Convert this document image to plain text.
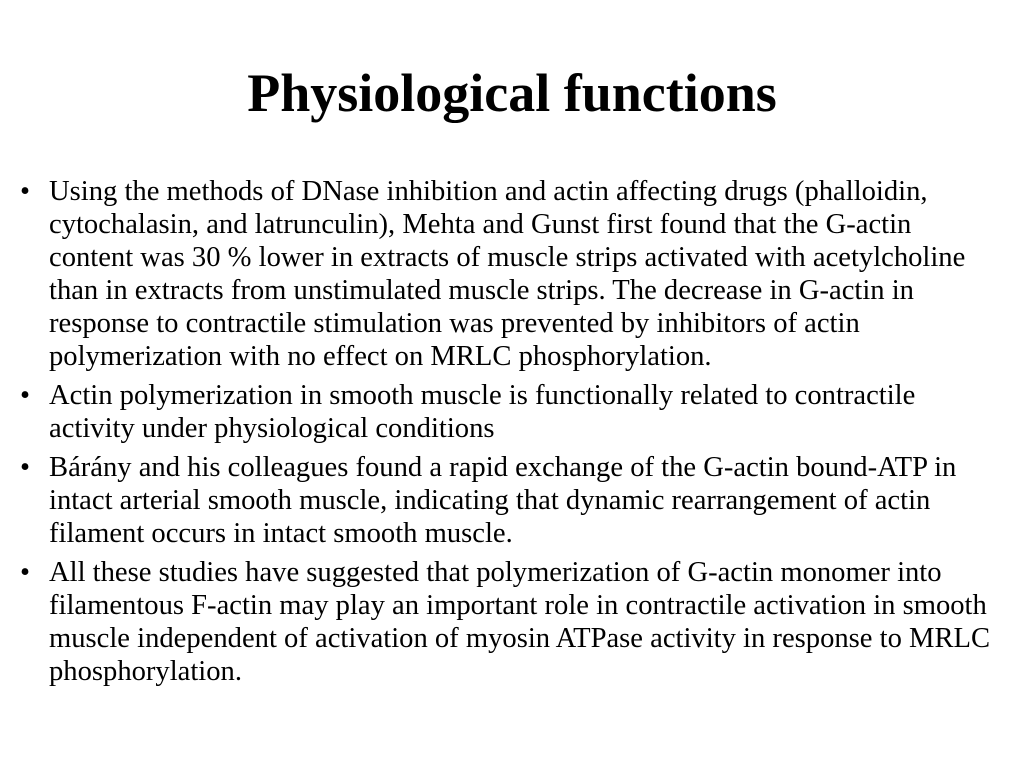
Physiological functions
• Using the methods of DNase inhibition and actin affecting drugs (phalloidin, cytochalasin, and latrunculin), Mehta and Gunst first found that the G-actin content was 30 % lower in extracts of muscle strips activated with acetylcholine than in extracts from unstimulated muscle strips. The decrease in G-actin in response to contractile stimulation was prevented by inhibitors of actin polymerization with no effect on MRLC phosphorylation.
• Actin polymerization in smooth muscle is functionally related to contractile activity under physiological conditions
• Bárány and his colleagues found a rapid exchange of the G-actin bound-ATP in intact arterial smooth muscle, indicating that dynamic rearrangement of actin filament occurs in intact smooth muscle.
• All these studies have suggested that polymerization of G-actin monomer into filamentous F-actin may play an important role in contractile activation in smooth muscle independent of activation of myosin ATPase activity in response to MRLC phosphorylation.
